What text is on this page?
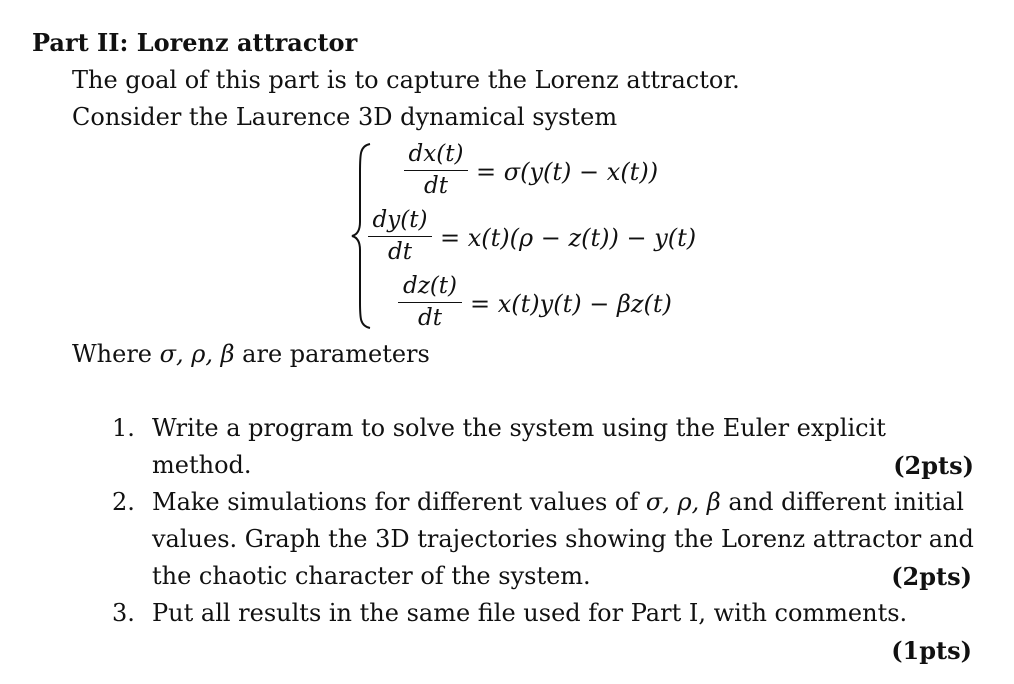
Part II: Lorenz attractor
The goal of this part is to capture the Lorenz attractor.
Consider the Laurence 3D dynamical system
dx(t)
dt	= σ(y(t) − x(t))
dy(t)
dt	= x(t)(ρ − z(t)) − y(t)
dz(t)
dt	= x(t)y(t) − βz(t)
Where σ, ρ, β are parameters
1. Write a program to solve the system using the Euler explicit
method.	(2pts)
2. Make simulations for different values of σ, ρ, β and different initial
values. Graph the 3D trajectories showing the Lorenz attractor and
the chaotic character of the system.	(2pts)
3. Put all results in the same file used for Part I, with comments.
(1pts)
